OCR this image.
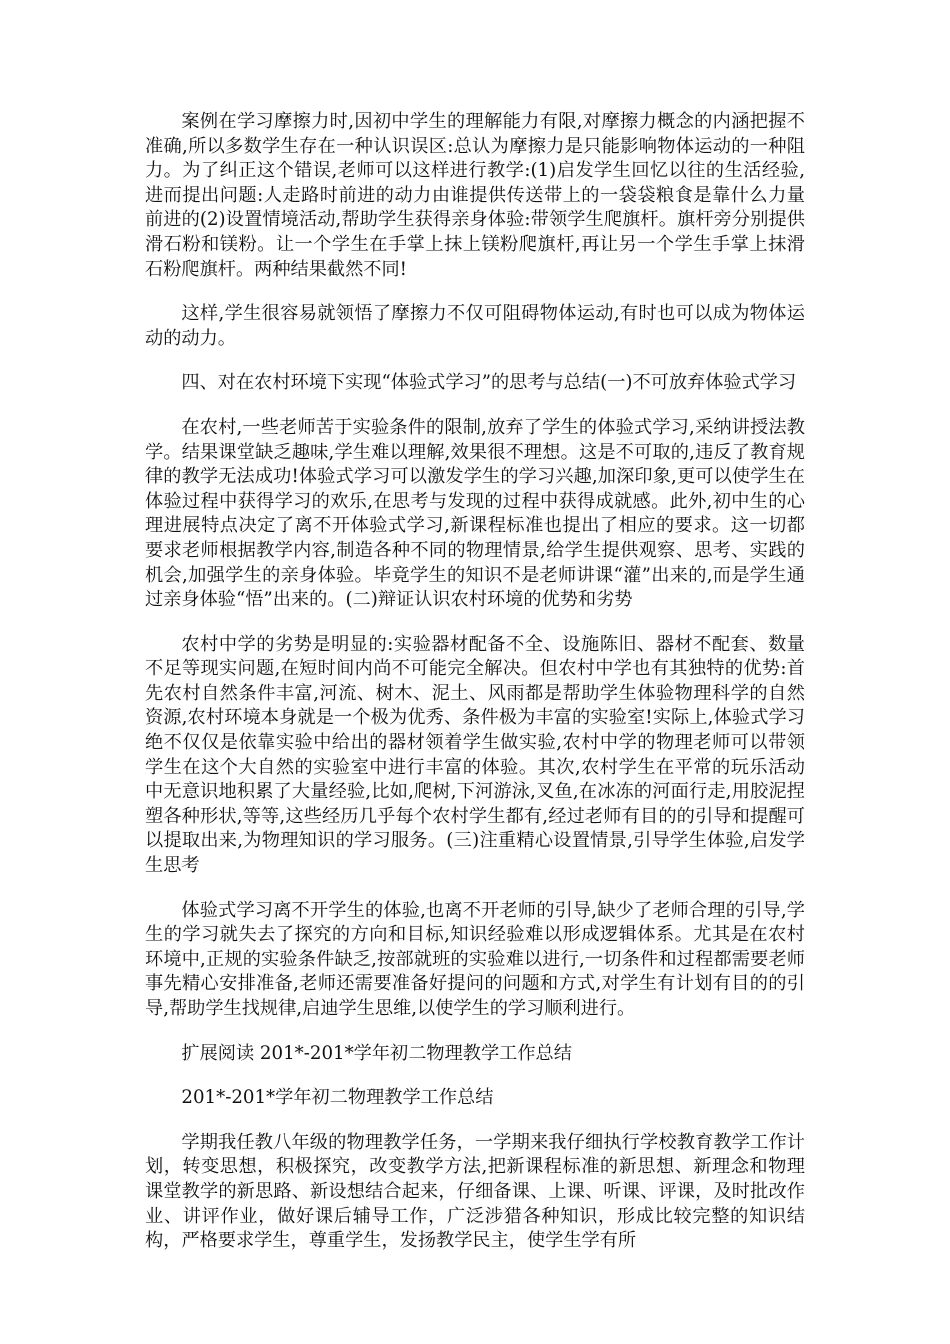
案例在学习摩擦力时,因初中学生的理解能力有限,对摩擦力概念的内涵把握不准确,所以多数学生存在一种认识误区:总认为摩擦力是只能影响物体运动的一种阻力。为了纠正这个错误,老师可以这样进行教学:(1)启发学生回忆以往的生活经验,进而提出问题:人走路时前进的动力由谁提供传送带上的一袋袋粮食是靠什么力量前进的(2)设置情境活动,帮助学生获得亲身体验:带领学生爬旗杆。旗杆旁分别提供滑石粉和镁粉。让一个学生在手掌上抹上镁粉爬旗杆,再让另一个学生手掌上抹滑石粉爬旗杆。两种结果截然不同!

这样,学生很容易就领悟了摩擦力不仅可阻碍物体运动,有时也可以成为物体运动的动力。

四、对在农村环境下实现“体验式学习”的思考与总结(一)不可放弃体验式学习

在农村,一些老师苦于实验条件的限制,放弃了学生的体验式学习,采纳讲授法教学。结果课堂缺乏趣味,学生难以理解,效果很不理想。这是不可取的,违反了教育规律的教学无法成功!体验式学习可以激发学生的学习兴趣,加深印象,更可以使学生在体验过程中获得学习的欢乐,在思考与发现的过程中获得成就感。此外,初中生的心理进展特点决定了离不开体验式学习,新课程标准也提出了相应的要求。这一切都要求老师根据教学内容,制造各种不同的物理情景,给学生提供观察、思考、实践的机会,加强学生的亲身体验。毕竟学生的知识不是老师讲课“灌”出来的,而是学生通过亲身体验“悟”出来的。(二)辩证认识农村环境的优势和劣势

农村中学的劣势是明显的:实验器材配备不全、设施陈旧、器材不配套、数量不足等现实问题,在短时间内尚不可能完全解决。但农村中学也有其独特的优势:首先农村自然条件丰富,河流、树木、泥土、风雨都是帮助学生体验物理科学的自然资源,农村环境本身就是一个极为优秀、条件极为丰富的实验室!实际上,体验式学习绝不仅仅是依靠实验中给出的器材领着学生做实验,农村中学的物理老师可以带领学生在这个大自然的实验室中进行丰富的体验。其次,农村学生在平常的玩乐活动中无意识地积累了大量经验,比如,爬树,下河游泳,叉鱼,在冰冻的河面行走,用胶泥捏塑各种形状,等等,这些经历几乎每个农村学生都有,经过老师有目的的引导和提醒可以提取出来,为物理知识的学习服务。(三)注重精心设置情景,引导学生体验,启发学生思考

体验式学习离不开学生的体验,也离不开老师的引导,缺少了老师合理的引导,学生的学习就失去了探究的方向和目标,知识经验难以形成逻辑体系。尤其是在农村环境中,正规的实验条件缺乏,按部就班的实验难以进行,一切条件和过程都需要老师事先精心安排准备,老师还需要准备好提问的问题和方式,对学生有计划有目的的引导,帮助学生找规律,启迪学生思维,以使学生的学习顺利进行。

扩展阅读 201*-201*学年初二物理教学工作总结

201*-201*学年初二物理教学工作总结

学期我任教八年级的物理教学任务，一学期来我仔细执行学校教育教学工作计划，转变思想，积极探究，改变教学方法,把新课程标准的新思想、新理念和物理课堂教学的新思路、新设想结合起来，仔细备课、上课、听课、评课，及时批改作业、讲评作业，做好课后辅导工作，广泛涉猎各种知识，形成比较完整的知识结构，严格要求学生，尊重学生，发扬教学民主，使学生学有所
